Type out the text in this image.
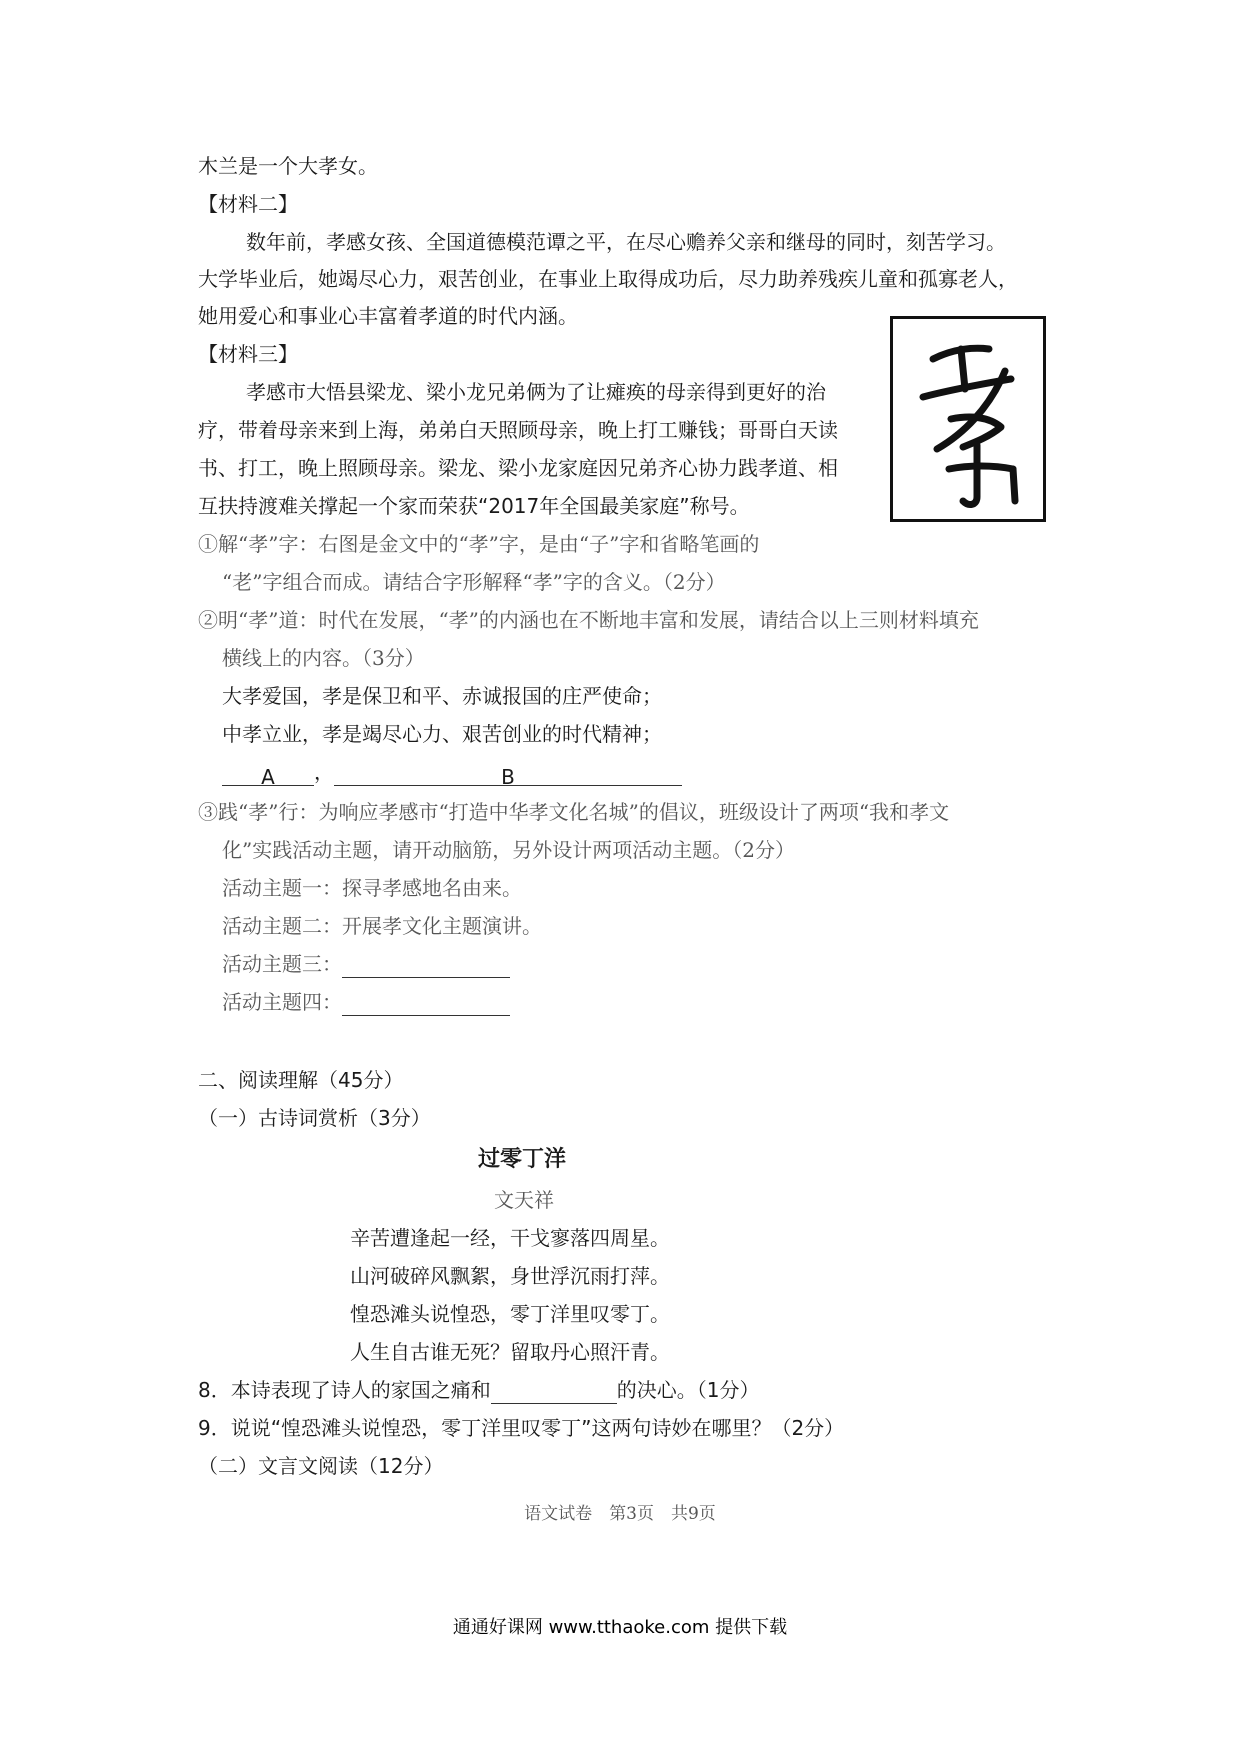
木兰是一个大孝女。
【材料二】
数年前，孝感女孩、全国道德模范谭之平，在尽心赡养父亲和继母的同时，刻苦学习。
大学毕业后，她竭尽心力，艰苦创业，在事业上取得成功后，尽力助养残疾儿童和孤寡老人，
她用爱心和事业心丰富着孝道的时代内涵。
【材料三】
孝感市大悟县梁龙、梁小龙兄弟俩为了让瘫痪的母亲得到更好的治
疗，带着母亲来到上海，弟弟白天照顾母亲，晚上打工赚钱；哥哥白天读
书、打工，晚上照顾母亲。梁龙、梁小龙家庭因兄弟齐心协力践孝道、相
互扶持渡难关撑起一个家而荣获“2017年全国最美家庭”称号。
①解“孝”字：右图是金文中的“孝”字，是由“子”字和省略笔画的
“老”字组合而成。请结合字形解释“孝”字的含义。（2分）
②明“孝”道：时代在发展，“孝”的内涵也在不断地丰富和发展，请结合以上三则材料填充
横线上的内容。（3分）
大孝爱国，孝是保卫和平、赤诚报国的庄严使命；
中孝立业，孝是竭尽心力、艰苦创业的时代精神；
A ，	B
③践“孝”行：为响应孝感市“打造中华孝文化名城”的倡议，班级设计了两项“我和孝文
化”实践活动主题，请开动脑筋，另外设计两项活动主题。（2分）
活动主题一：探寻孝感地名由来。
活动主题二：开展孝文化主题演讲。
活动主题三：
活动主题四：
二、阅读理解（45分）
（一）古诗词赏析（3分）
过零丁洋
文天祥
辛苦遭逢起一经，干戈寥落四周星。
山河破碎风飘絮，身世浮沉雨打萍。
惶恐滩头说惶恐，零丁洋里叹零丁。
人生自古谁无死？留取丹心照汗青。
8．本诗表现了诗人的家国之痛和	的决心。（1分）
9．说说“惶恐滩头说惶恐，零丁洋里叹零丁”这两句诗妙在哪里？（2分）
（二）文言文阅读（12分）
语文试卷　第3页　共9页
通通好课网 www.tthaoke.com 提供下载
